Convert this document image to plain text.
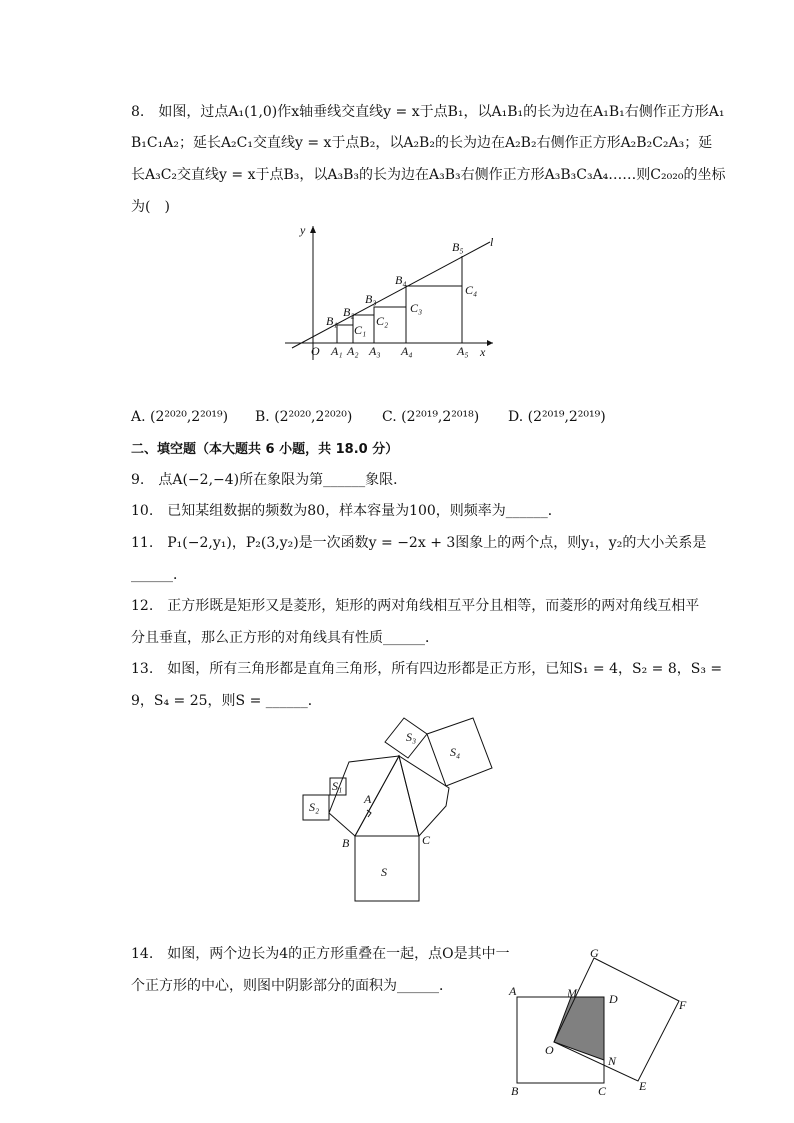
8.　如图，过点A₁(1,0)作x轴垂线交直线y = x于点B₁，以A₁B₁的长为边在A₁B₁右侧作正方形A₁
B₁C₁A₂；延长A₂C₁交直线y = x于点B₂，以A₂B₂的长为边在A₂B₂右侧作正方形A₂B₂C₂A₃；延
长A₃C₂交直线y = x于点B₃，以A₃B₃的长为边在A₃B₃右侧作正方形A₃B₃C₃A₄……则C₂₀₂₀的坐标
为(　)
y
x
O
l
A₁ A₂ A₃ A₄	A₅
B₁
B₂
B₃
B₄
B₅
C₁
C₂
C₃
C₄
A. (2²⁰²⁰,2²⁰¹⁹) B. (2²⁰²⁰,2²⁰²⁰) C. (2²⁰¹⁹,2²⁰¹⁸) D. (2²⁰¹⁹,2²⁰¹⁹)
二、填空题（本大题共 6 小题，共 18.0 分）
9.　点A(−2,−4)所在象限为第______象限．
10.　已知某组数据的频数为80，样本容量为100，则频率为______．
11.　P₁(−2,y₁)，P₂(3,y₂)是一次函数y = −2x + 3图象上的两个点，则y₁，y₂的大小关系是
______．
12.　正方形既是矩形又是菱形，矩形的两对角线相互平分且相等，而菱形的两对角线互相平
分且垂直，那么正方形的对角线具有性质______．
13.　如图，所有三角形都是直角三角形，所有四边形都是正方形，已知S₁ = 4，S₂ = 8，S₃ =
9，S₄ = 25，则S = ______．
S₃
S₄
S₁
S₂
A
B	C
S
14.　如图，两个边长为4的正方形重叠在一起，点O是其中一
个正方形的中心，则图中阴影部分的面积为______．
G
A	M	D	F
O
N
E
B	C
